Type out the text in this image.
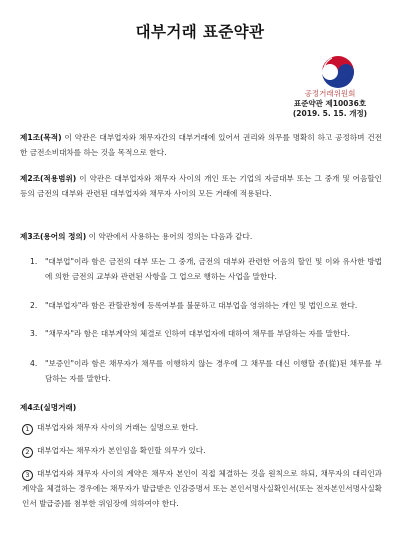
대부거래 표준약관
공정거래위원회
표준약관 제10036호
(2019. 5. 15. 개정)
제1조(목적) 이 약관은 대부업자와 채무자간의 대부거래에 있어서 권리와 의무를 명확히 하고 공정하며 건전한 금전소비대차를 하는 것을 목적으로 한다.
제2조(적용범위) 이 약관은 대부업자와 채무자 사이의 개인 또는 기업의 자금대부 또는 그 중개 및 어음할인 등의 금전의 대부와 관련된 대부업자와 채무자 사이의 모든 거래에 적용된다.
제3조(용어의 정의) 이 약관에서 사용하는 용어의 정의는 다음과 같다.
1.	"대부업"이라 함은 금전의 대부 또는 그 중개, 금전의 대부와 관련한 어음의 할인 및 이와 유사한 방법에 의한 금전의 교부와 관련된 사항을 그 업으로 행하는 사업을 말한다.
2.	"대부업자"라 함은 관할관청에 등록여부를 불문하고 대부업을 영위하는 개인 및 법인으로 한다.
3.	"채무자"라 함은 대부계약의 체결로 인하여 대부업자에 대하여 채무를 부담하는 자를 말한다.
4.	"보증인"이라 함은 채무자가 채무를 이행하지 않는 경우에 그 채무를 대신 이행할 종(從)된 채무를 부담하는 자를 말한다.
제4조(실명거래)
1 대부업자와 채무자 사이의 거래는 실명으로 한다.
2 대부업자는 채무자가 본인임을 확인할 의무가 있다.
3 대부업자와 채무자 사이의 계약은 채무자 본인이 직접 체결하는 것을 원칙으로 하되, 채무자의 대리인과 계약을 체결하는 경우에는 채무자가 발급받은 인감증명서 또는 본인서명사실확인서(또는 전자본인서명사실확인서 발급증)를 첨부한 위임장에 의하여야 한다.
